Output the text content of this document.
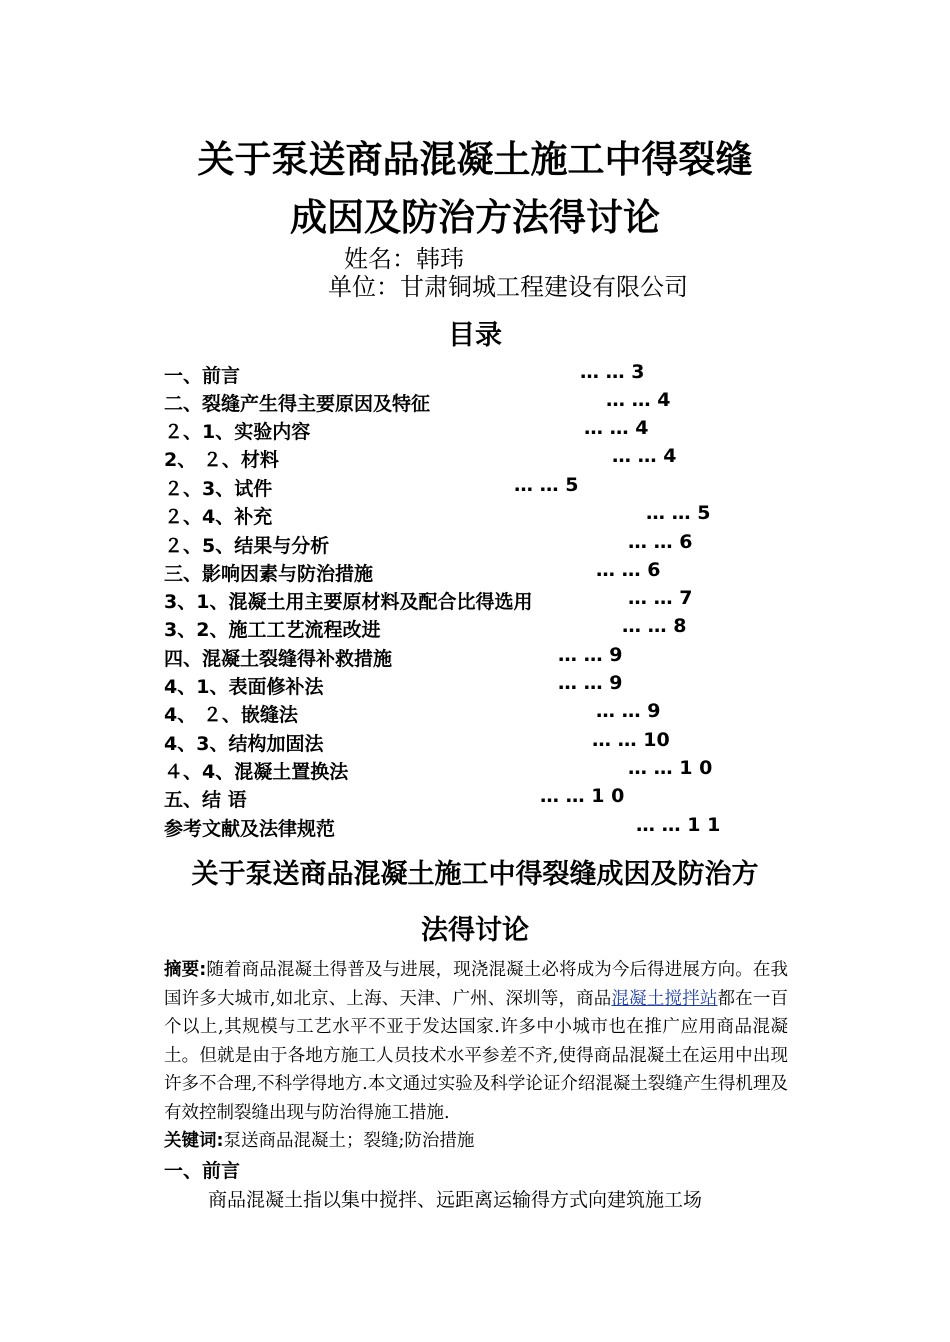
关于泵送商品混凝土施工中得裂缝
成因及防治方法得讨论
姓名：韩玮
单位：甘肃铜城工程建设有限公司
目录
一、前言	… … 3
二、裂缝产生得主要原因及特征	… … 4
２、1、实验内容	… … 4
2、 ２、材料	… … 4
２、3、试件	… … 5
２、4、补充	… … 5
２、5、结果与分析	… … 6
三、影响因素与防治措施	… … 6
3、1、混凝土用主要原材料及配合比得选用	… … 7
3、2、施工工艺流程改进	… … 8
四、混凝土裂缝得补救措施	… … 9
4、1、表面修补法	… … 9
4、 ２、嵌缝法	… … 9
4、3、结构加固法	… … 10
４、4、混凝土置换法	… … 1 0
五、结 语	… … 1 0
参考文献及法律规范	… … 1 1
关于泵送商品混凝土施工中得裂缝成因及防治方
法得讨论
摘要:随着商品混凝土得普及与进展，现浇混凝土必将成为今后得进展方向。在我国许多大城市,如北京、上海、天津、广州、深圳等，商品混凝土搅拌站都在一百个以上,其规模与工艺水平不亚于发达国家.许多中小城市也在推广应用商品混凝土。但就是由于各地方施工人员技术水平参差不齐,使得商品混凝土在运用中出现许多不合理,不科学得地方.本文通过实验及科学论证介绍混凝土裂缝产生得机理及有效控制裂缝出现与防治得施工措施.
关键词:泵送商品混凝土；裂缝;防治措施
一、前言
商品混凝土指以集中搅拌、远距离运输得方式向建筑施工场
